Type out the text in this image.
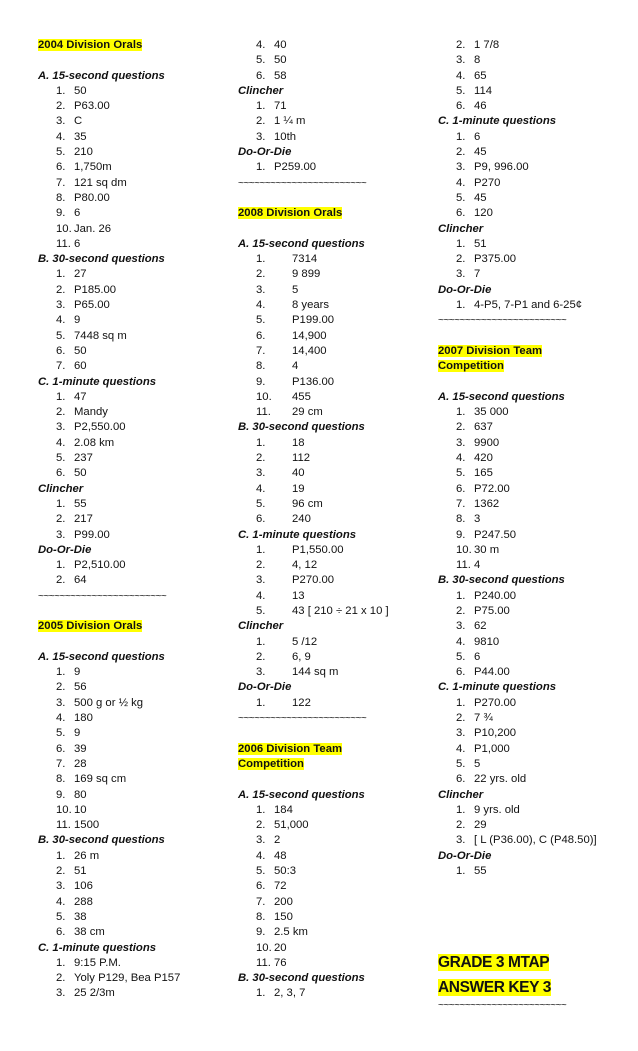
2004 Division Orals
A. 15-second questions
1. 50
2. P63.00
3. C
4. 35
5. 210
6. 1,750m
7. 121 sq dm
8. P80.00
9. 6
10. Jan. 26
11. 6
B. 30-second questions
1. 27
2. P185.00
3. P65.00
4. 9
5. 7448 sq m
6. 50
7. 60
C. 1-minute questions
1. 47
2. Mandy
3. P2,550.00
4. 2.08 km
5. 237
6. 50
Clincher
1. 55
2. 217
3. P99.00
Do-Or-Die
1. P2,510.00
2. 64
~~~~~~~~~~~~~~~~~~~~~~~~
2005 Division Orals
A. 15-second questions
1. 9
2. 56
3. 500 g or ½ kg
4. 180
5. 9
6. 39
7. 28
8. 169 sq cm
9. 80
10. 10
11. 1500
B. 30-second questions
1. 26 m
2. 51
3. 106
4. 288
5. 38
6. 38 cm
C. 1-minute questions
1. 9:15 P.M.
2. Yoly P129, Bea P157
3. 25 2/3m
4. 40
5. 50
6. 58
Clincher
1. 71
2. 1 ¼ m
3. 10th
Do-Or-Die
1. P259.00
~~~~~~~~~~~~~~~~~~~~~~~~
2008 Division Orals
A. 15-second questions
1. 7314
2. 9 899
3. 5
4. 8 years
5. P199.00
6. 14,900
7. 14,400
8. 4
9. P136.00
10. 455
11. 29 cm
B. 30-second questions
1. 18
2. 112
3. 40
4. 19
5. 96 cm
6. 240
C. 1-minute questions
1. P1,550.00
2. 4, 12
3. P270.00
4. 13
5. 43 [ 210 ÷ 21 x 10 ]
Clincher
1. 5 /12
2. 6, 9
3. 144 sq m
Do-Or-Die
1. 122
~~~~~~~~~~~~~~~~~~~~~~~~
2006 Division Team
Competition
A. 15-second questions
1. 184
2. 51,000
3. 2
4. 48
5. 50:3
6. 72
7. 200
8. 150
9. 2.5 km
10. 20
11. 76
B. 30-second questions
1. 2, 3, 7
2. 1 7/8
3. 8
4. 65
5. 114
6. 46
C. 1-minute questions
1. 6
2. 45
3. P9, 996.00
4. P270
5. 45
6. 120
Clincher
1. 51
2. P375.00
3. 7
Do-Or-Die
1. 4-P5, 7-P1 and 6-25¢
~~~~~~~~~~~~~~~~~~~~~~~~
2007 Division Team
Competition
A. 15-second questions
1. 35 000
2. 637
3. 9900
4. 420
5. 165
6. P72.00
7. 1362
8. 3
9. P247.50
10. 30 m
11. 4
B. 30-second questions
1. P240.00
2. P75.00
3. 62
4. 9810
5. 6
6. P44.00
C. 1-minute questions
1. P270.00
2. 7 ¾
3. P10,200
4. P1,000
5. 5
6. 22 yrs. old
Clincher
1. 9 yrs. old
2. 29
3. [ L (P36.00), C (P48.50)]
Do-Or-Die
1. 55
GRADE 3 MTAP
ANSWER KEY 3
~~~~~~~~~~~~~~~~~~~~~~~~
